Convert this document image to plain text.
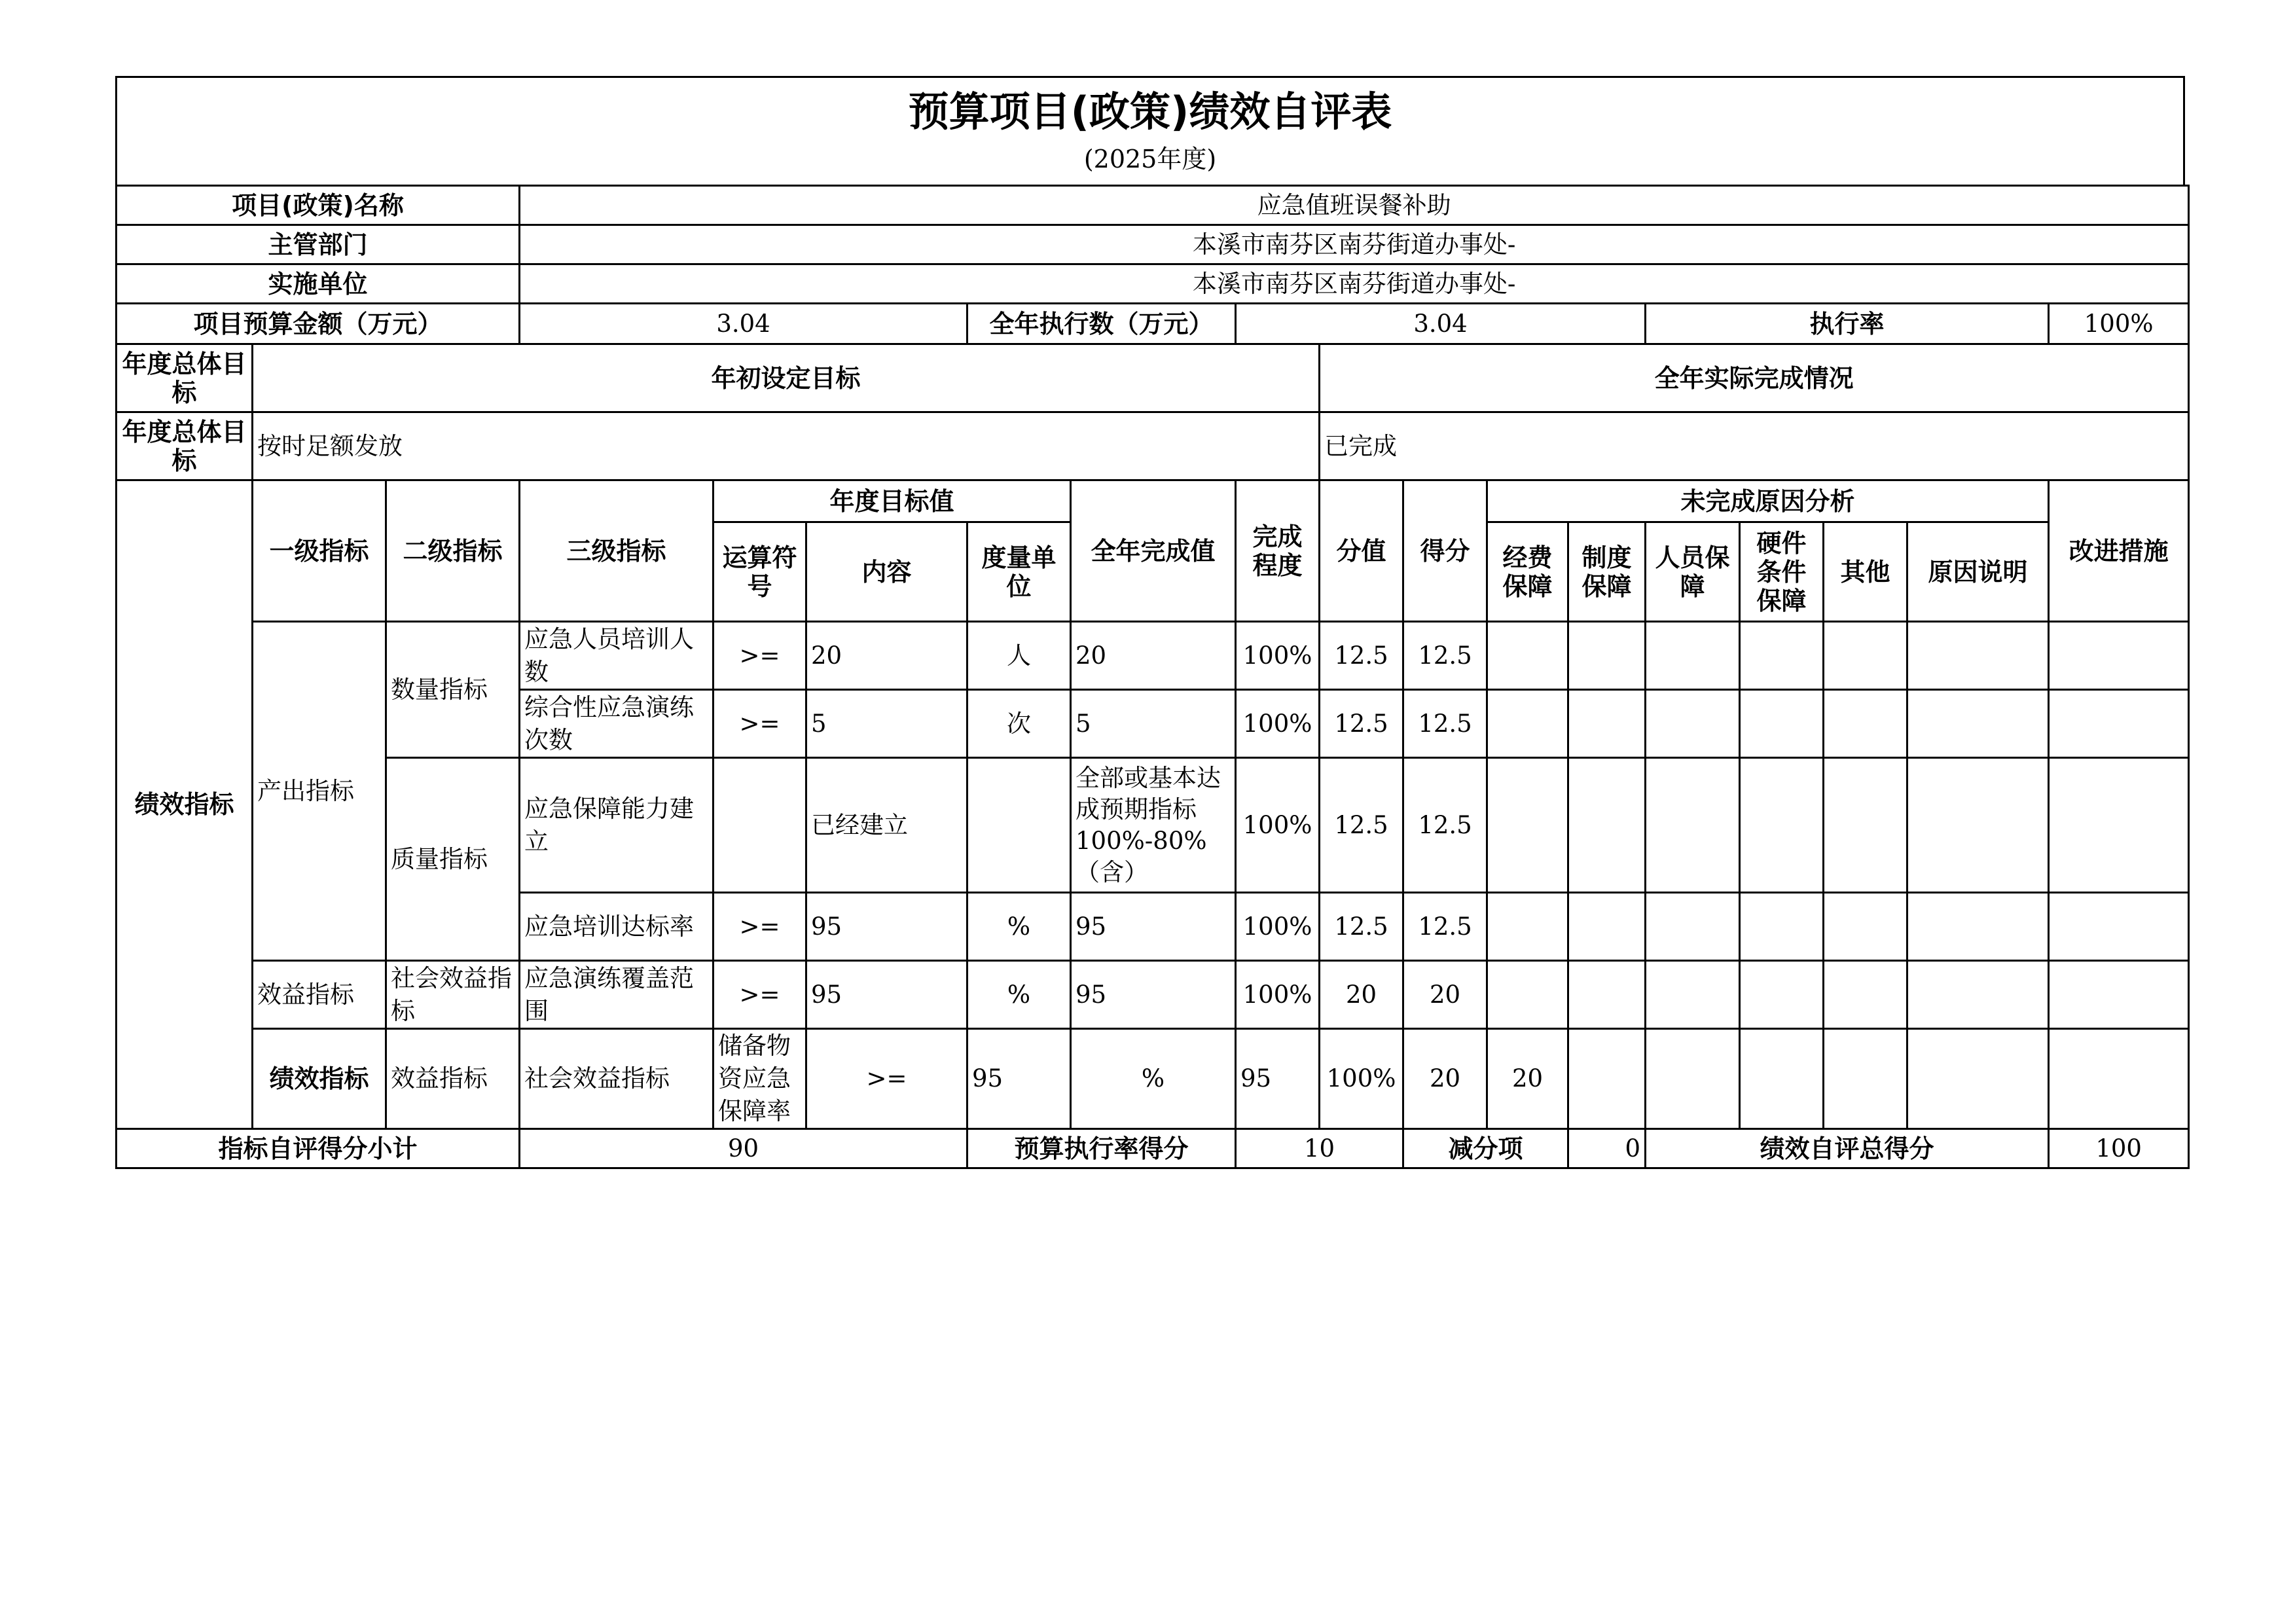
预算项目(政策)绩效自评表
(2025年度)
项目(政策)名称			应急值班误餐补助															
主管部门			本溪市南芬区南芬街道办事处-															
实施单位			本溪市南芬区南芬街道办事处-															
项目预算金额（万元）			3.04			全年执行数（万元）		3.04					执行率				100%	
年度总体目标	年初设定目标								全年实际完成情况									
年度总体目标	按时足额发放								已完成									
绩效指标	一级指标	二级指标	三级指标	年度目标值			全年完成值	完成程度	分值	得分	未完成原因分析						改进措施	
				运算符号	内容	度量单位					经费保障	制度保障	人员保障	硬件条件保障	其他	原因说明		
	产出指标	数量指标	应急人员培训人数	>=	20	人	20	100%	12.5	12.5								
			综合性应急演练次数	>=	5	次	5	100%	12.5	12.5								
		质量指标	应急保障能力建立		已经建立		全部或基本达成预期指标100%-80%（含）	100%	12.5	12.5								
			应急培训达标率	>=	95	%	95	100%	12.5	12.5								
	效益指标	社会效益指标	应急演练覆盖范围	>=	95	%	95	100%	20	20								
	绩效指标	效益指标	社会效益指标	储备物资应急保障率	>=	95	%	95	100%	20	20							
指标自评得分小计			90			预算执行率得分		10		减分项		0	绩效自评总得分				100	
